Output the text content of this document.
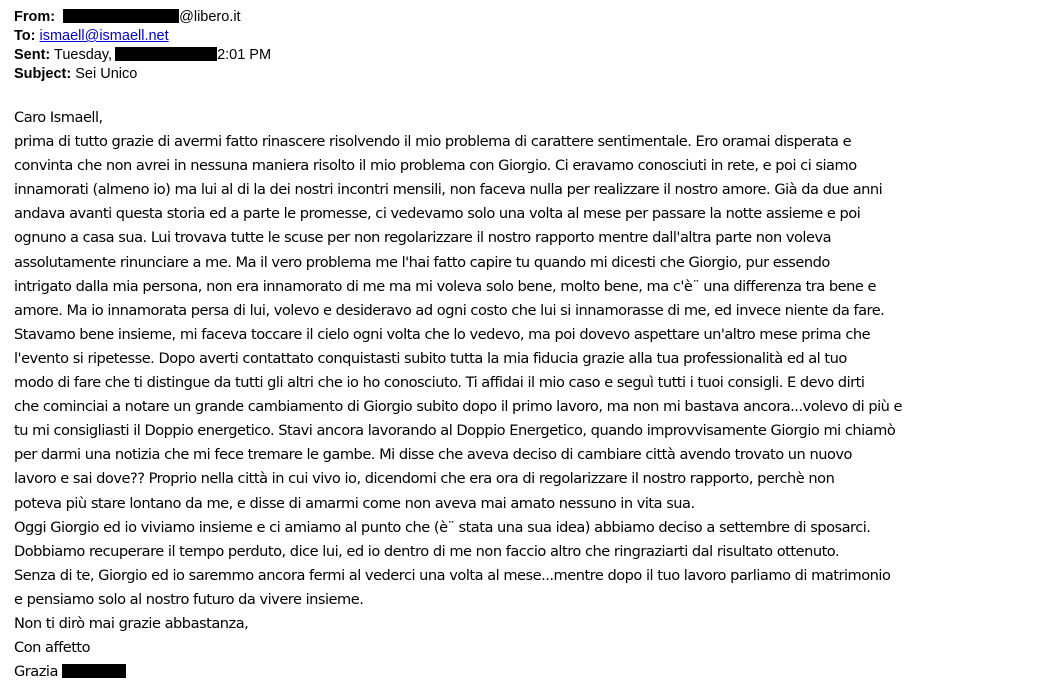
From:	@libero.it
To: ismaell@ismaell.net
Sent: Tuesday,	2:01 PM
Subject: Sei Unico
Caro Ismaell,
prima di tutto grazie di avermi fatto rinascere risolvendo il mio problema di carattere sentimentale. Ero oramai disperata e
convinta che non avrei in nessuna maniera risolto il mio problema con Giorgio. Ci eravamo conosciuti in rete, e poi ci siamo
innamorati (almeno io) ma lui al di la dei nostri incontri mensili, non faceva nulla per realizzare il nostro amore. Già da due anni
andava avanti questa storia ed a parte le promesse, ci vedevamo solo una volta al mese per passare la notte assieme e poi
ognuno a casa sua. Lui trovava tutte le scuse per non regolarizzare il nostro rapporto mentre dall'altra parte non voleva
assolutamente rinunciare a me. Ma il vero problema me l'hai fatto capire tu quando mi dicesti che Giorgio, pur essendo
intrigato dalla mia persona, non era innamorato di me ma mi voleva solo bene, molto bene, ma c'è¨ una differenza tra bene e
amore. Ma io innamorata persa di lui, volevo e desideravo ad ogni costo che lui si innamorasse di me, ed invece niente da fare.
Stavamo bene insieme, mi faceva toccare il cielo ogni volta che lo vedevo, ma poi dovevo aspettare un'altro mese prima che
l'evento si ripetesse. Dopo averti contattato conquistasti subito tutta la mia fiducia grazie alla tua professionalità ed al tuo
modo di fare che ti distingue da tutti gli altri che io ho conosciuto. Ti affidai il mio caso e seguì tutti i tuoi consigli. E devo dirti
che cominciai a notare un grande cambiamento di Giorgio subito dopo il primo lavoro, ma non mi bastava ancora...volevo di più e
tu mi consigliasti il Doppio energetico. Stavi ancora lavorando al Doppio Energetico, quando improvvisamente Giorgio mi chiamò
per darmi una notizia che mi fece tremare le gambe. Mi disse che aveva deciso di cambiare città avendo trovato un nuovo
lavoro e sai dove?? Proprio nella città in cui vivo io, dicendomi che era ora di regolarizzare il nostro rapporto, perchè non
poteva più stare lontano da me, e disse di amarmi come non aveva mai amato nessuno in vita sua.
Oggi Giorgio ed io viviamo insieme e ci amiamo al punto che (è¨ stata una sua idea) abbiamo deciso a settembre di sposarci.
Dobbiamo recuperare il tempo perduto, dice lui, ed io dentro di me non faccio altro che ringraziarti dal risultato ottenuto.
Senza di te, Giorgio ed io saremmo ancora fermi al vederci una volta al mese...mentre dopo il tuo lavoro parliamo di matrimonio
e pensiamo solo al nostro futuro da vivere insieme.
Non ti dirò mai grazie abbastanza,
Con affetto
Grazia
